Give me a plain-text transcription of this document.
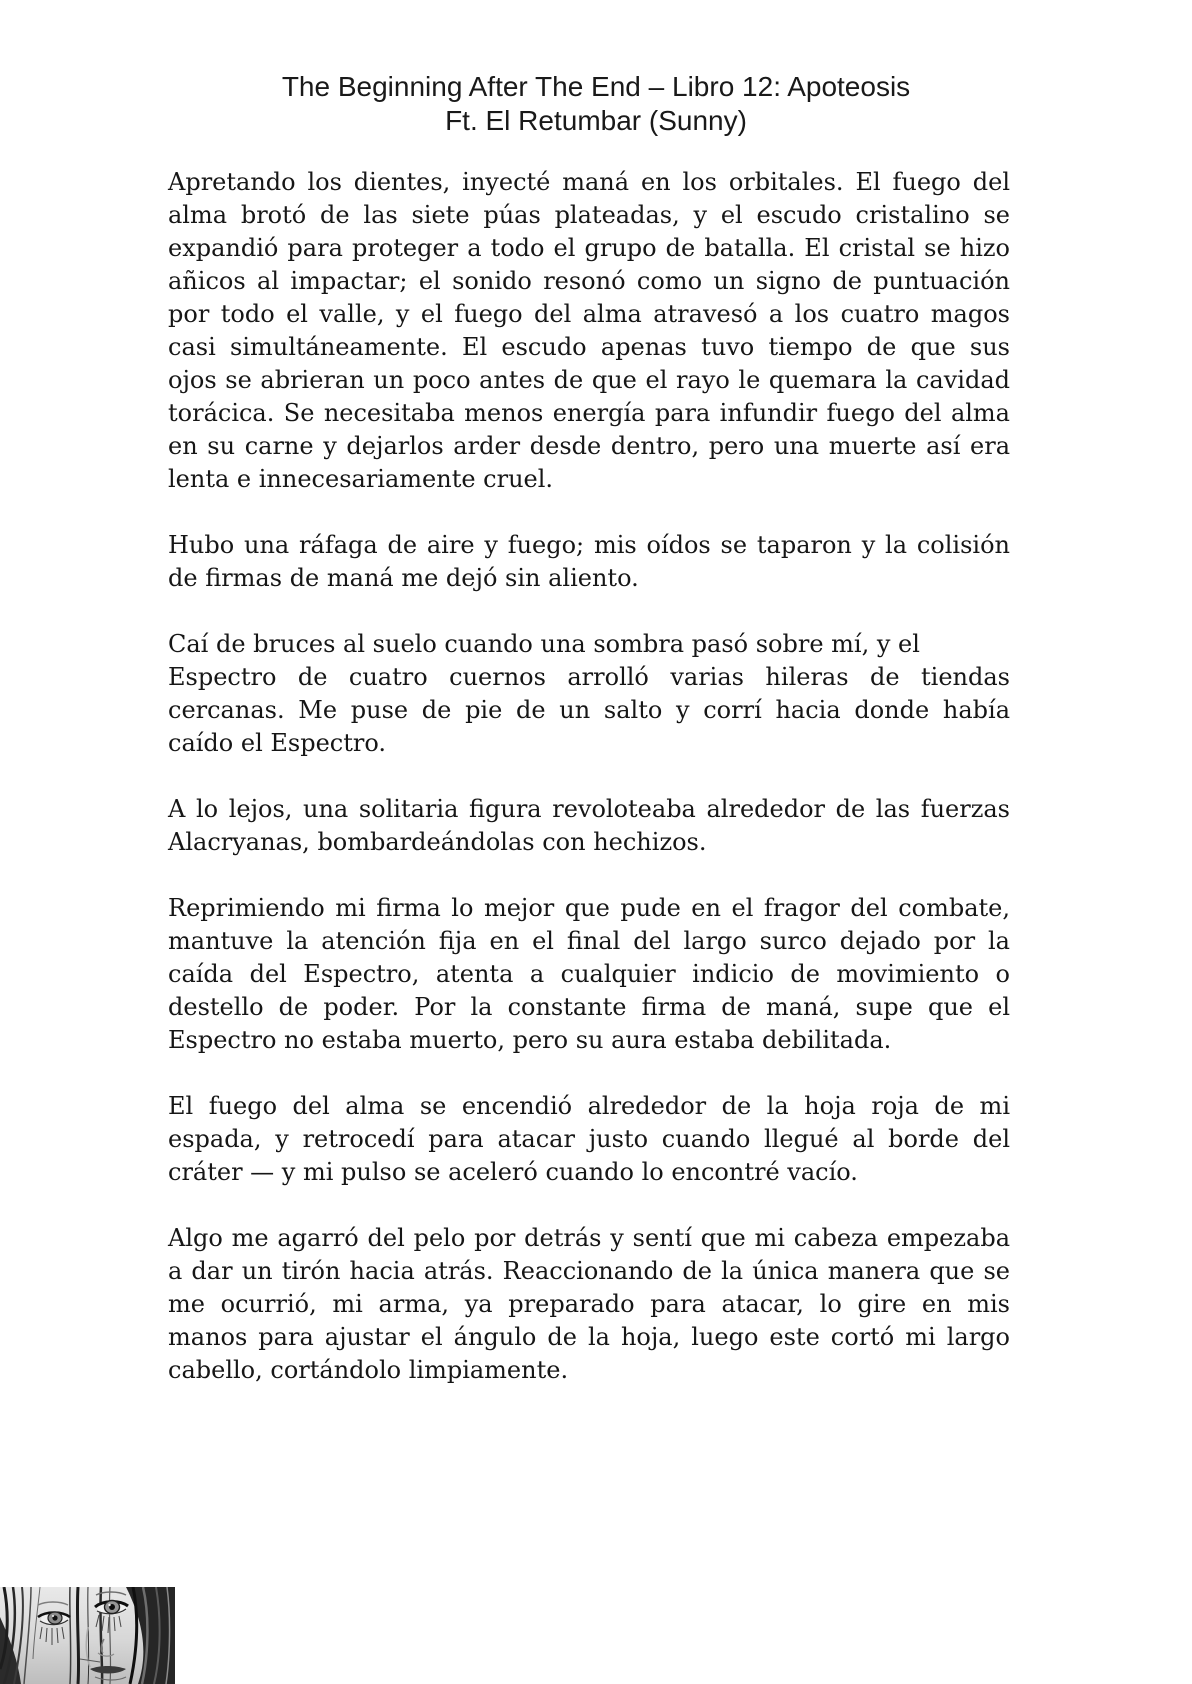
The Beginning After The End – Libro 12: Apoteosis
Ft. El Retumbar (Sunny)
Apretando los dientes, inyecté maná en los orbitales. El fuego del
alma brotó de las siete púas plateadas, y el escudo cristalino se
expandió para proteger a todo el grupo de batalla. El cristal se hizo
añicos al impactar; el sonido resonó como un signo de puntuación
por todo el valle, y el fuego del alma atravesó a los cuatro magos
casi simultáneamente. El escudo apenas tuvo tiempo de que sus
ojos se abrieran un poco antes de que el rayo le quemara la cavidad
torácica. Se necesitaba menos energía para infundir fuego del alma
en su carne y dejarlos arder desde dentro, pero una muerte así era
lenta e innecesariamente cruel.
Hubo una ráfaga de aire y fuego; mis oídos se taparon y la colisión
de firmas de maná me dejó sin aliento.
Caí de bruces al suelo cuando una sombra pasó sobre mí, y el
Espectro de cuatro cuernos arrolló varias hileras de tiendas
cercanas. Me puse de pie de un salto y corrí hacia donde había
caído el Espectro.
A lo lejos, una solitaria figura revoloteaba alrededor de las fuerzas
Alacryanas, bombardeándolas con hechizos.
Reprimiendo mi firma lo mejor que pude en el fragor del combate,
mantuve la atención fija en el final del largo surco dejado por la
caída del Espectro, atenta a cualquier indicio de movimiento o
destello de poder. Por la constante firma de maná, supe que el
Espectro no estaba muerto, pero su aura estaba debilitada.
El fuego del alma se encendió alrededor de la hoja roja de mi
espada, y retrocedí para atacar justo cuando llegué al borde del
cráter — y mi pulso se aceleró cuando lo encontré vacío.
Algo me agarró del pelo por detrás y sentí que mi cabeza empezaba
a dar un tirón hacia atrás. Reaccionando de la única manera que se
me ocurrió, mi arma, ya preparado para atacar, lo gire en mis
manos para ajustar el ángulo de la hoja, luego este cortó mi largo
cabello, cortándolo limpiamente.
